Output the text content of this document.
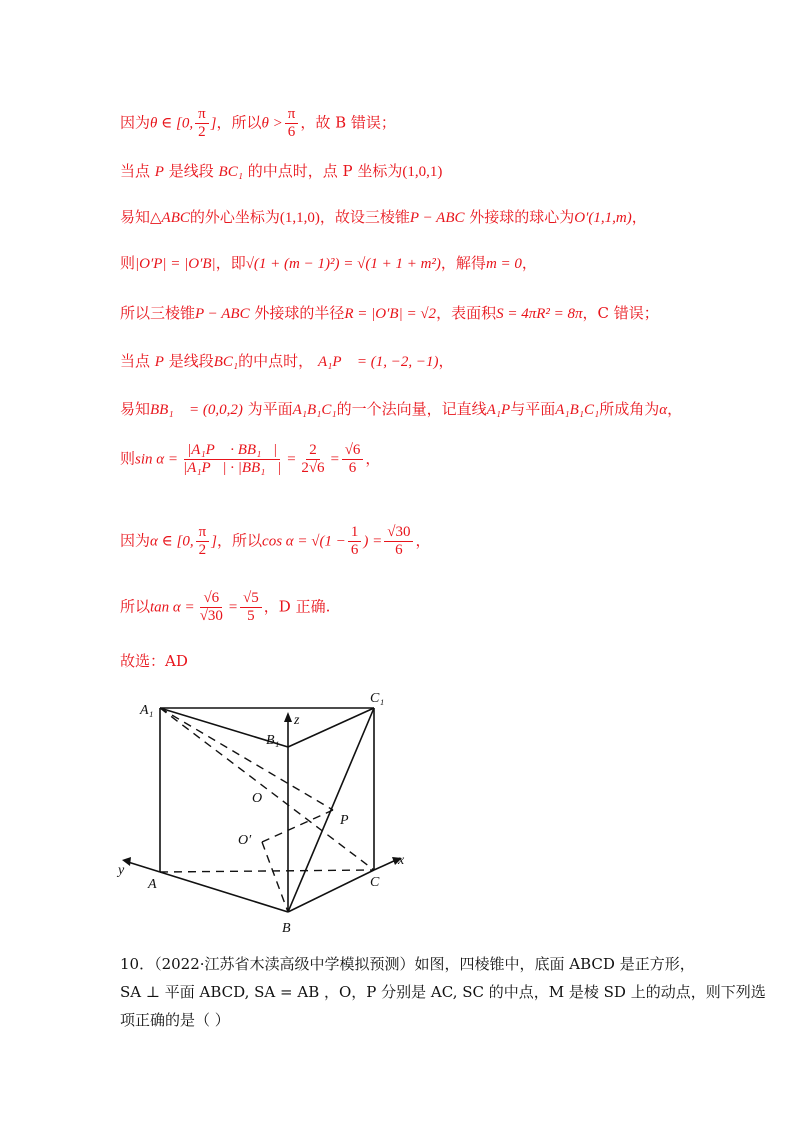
因为θ ∈ [0, $\frac{\pi}{2}$ ]，所以$\theta > \frac{\pi}{6}$ ，故 B 错误；
当点 P 是线段 BC₁ 的中点时，点 P 坐标为(1,0,1)
易知△ABC的外心坐标为(1,1,0)，故设三棱锥P − ABC 外接球的球心为O′(1,1,m)，
则|O′P| = |O′B|，即√(1 + (m − 1)²) = √(1 + 1 + m²)，解得m = 0，
所以三棱锥P − ABC 外接球的半径R = |O′B| = √2，表面积S = 4πR² = 8π，C 错误；
当点 P 是线段BC₁的中点时， A₁P⃗ = (1, −2, −1)，
易知BB₁⃗ = (0,0,2) 为平面A₁B₁C₁的一个法向量，记直线A₁P与平面A₁B₁C₁所成角为α，
则$\sin \alpha = \frac{\text{|A₁P⃗ · BB₁⃗|}}{\text{|A₁P⃗| · |BB₁⃗|}} = \frac{2}{2√6} = \frac{√6}{6}$ ，
因为α ∈ [0, $\frac{\pi}{2}$ ]，所以$\cos \alpha = √(1 - \frac{1}{6}$ ) = $\frac{√30}{6}$ ，
所以$\tan \alpha = \frac{√6}{√30} = \frac{√5}{5}$ ，D 正确.
故选：AD
A₁
C₁
B₁
z
O
P
O′
y
A	C
x
B
10．（2022·江苏省木渎高级中学模拟预测）如图，四棱锥中，底面 ABCD 是正方形，
SA ⊥ 平面 ABCD, SA = AB ，O，P 分别是 AC, SC 的中点，M 是棱 SD 上的动点，则下列选
项正确的是（ ）
